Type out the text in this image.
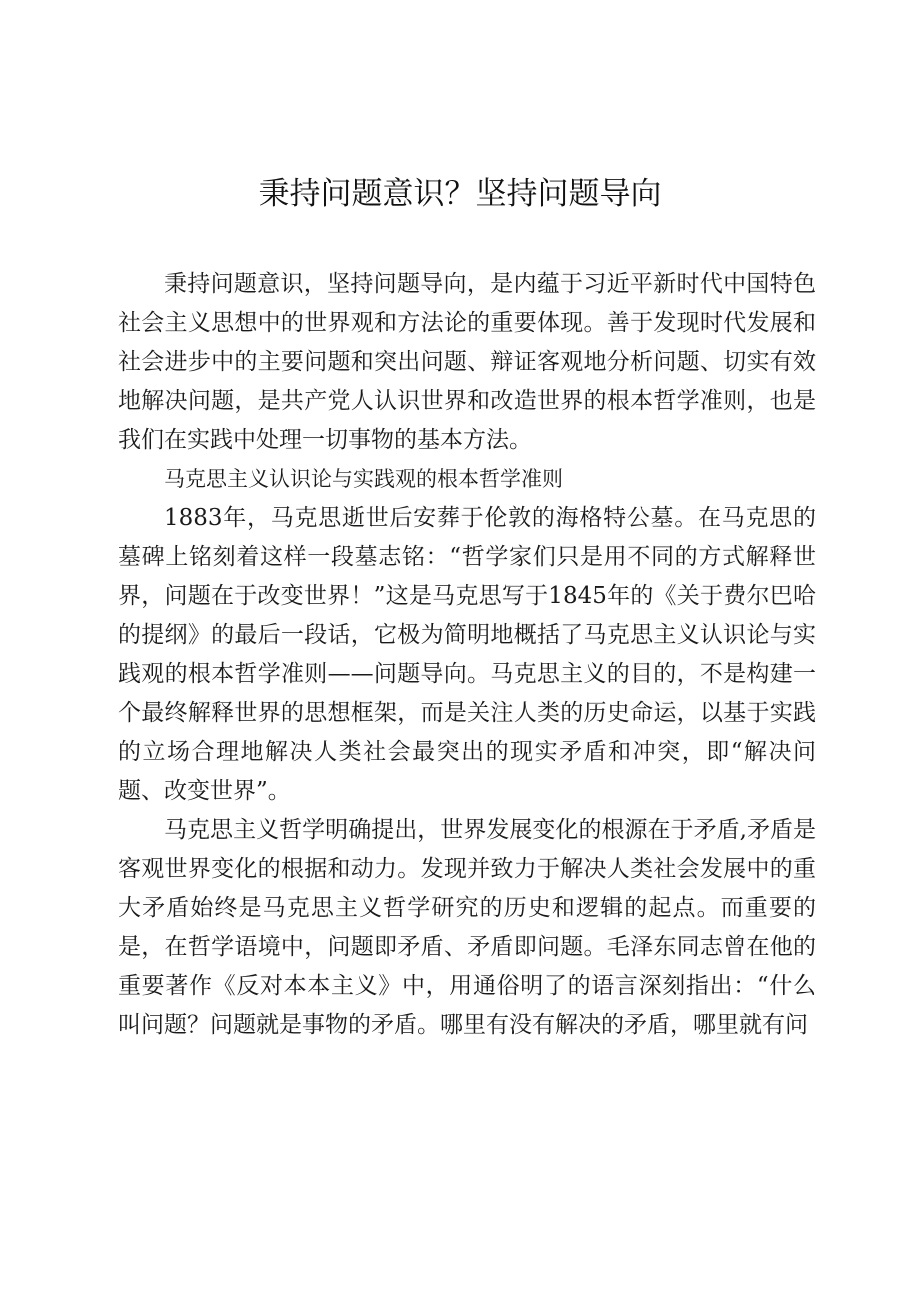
秉持问题意识？坚持问题导向

秉持问题意识，坚持问题导向，是内蕴于习近平新时代中国特色社会主义思想中的世界观和方法论的重要体现。善于发现时代发展和社会进步中的主要问题和突出问题、辩证客观地分析问题、切实有效地解决问题，是共产党人认识世界和改造世界的根本哲学准则，也是我们在实践中处理一切事物的基本方法。

马克思主义认识论与实践观的根本哲学准则

1883年，马克思逝世后安葬于伦敦的海格特公墓。在马克思的墓碑上铭刻着这样一段墓志铭：“哲学家们只是用不同的方式解释世界，问题在于改变世界！”这是马克思写于1845年的《关于费尔巴哈的提纲》的最后一段话，它极为简明地概括了马克思主义认识论与实践观的根本哲学准则——问题导向。马克思主义的目的，不是构建一个最终解释世界的思想框架，而是关注人类的历史命运，以基于实践的立场合理地解决人类社会最突出的现实矛盾和冲突，即“解决问题、改变世界”。

马克思主义哲学明确提出，世界发展变化的根源在于矛盾,矛盾是客观世界变化的根据和动力。发现并致力于解决人类社会发展中的重大矛盾始终是马克思主义哲学研究的历史和逻辑的起点。而重要的是，在哲学语境中，问题即矛盾、矛盾即问题。毛泽东同志曾在他的重要著作《反对本本主义》中，用通俗明了的语言深刻指出：“什么叫问题？问题就是事物的矛盾。哪里有没有解决的矛盾，哪里就有问
